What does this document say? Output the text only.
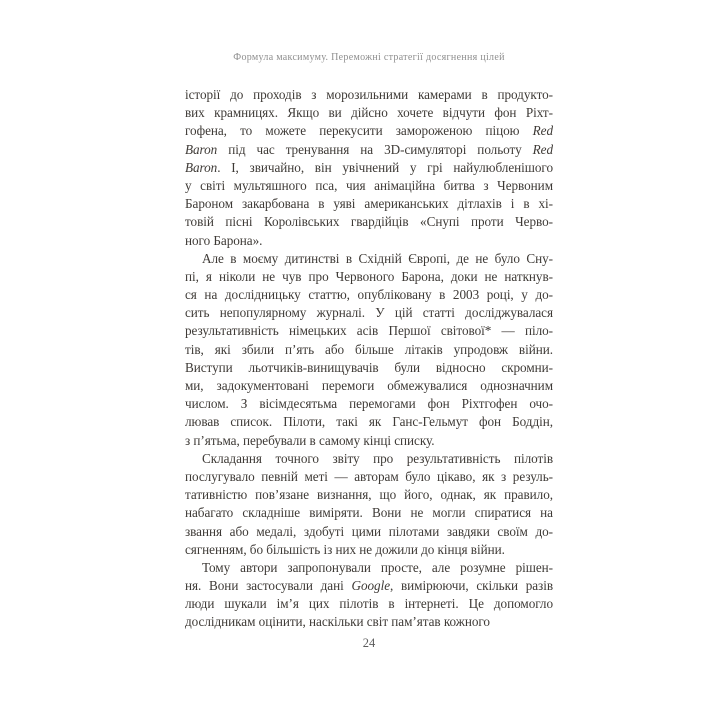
Формула максимуму. Переможні стратегії досягнення цілей
історії до проходів з морозильними камерами в продукто-
вих крамницях. Якщо ви дійсно хочете відчути фон Ріхт-
гофена, то можете перекусити замороженою піцою Red
Baron під час тренування на 3D-симуляторі польоту Red
Baron. І, звичайно, він увічнений у грі найулюбленішого
у світі мультяшного пса, чия анімаційна битва з Червоним
Бароном закарбована в уяві американських дітлахів і в хі-
товій пісні Королівських гвардійців «Снупі проти Черво-
ного Барона».
Але в моєму дитинстві в Східній Європі, де не було Сну-
пі, я ніколи не чув про Червоного Барона, доки не наткнув-
ся на дослідницьку статтю, опубліковану в 2003 році, у до-
сить непопулярному журналі. У цій статті досліджувалася
результативність німецьких асів Першої світової* — піло-
тів, які збили п’ять або більше літаків упродовж війни.
Виступи льотчиків-винищувачів були відносно скромни-
ми, задокументовані перемоги обмежувалися однозначним
числом. З вісімдесятьма перемогами фон Ріхтгофен очо-
лював список. Пілоти, такі як Ганс-Гельмут фон Боддін,
з п’ятьма, перебували в самому кінці списку.
Складання точного звіту про результативність пілотів
послугувало певній меті — авторам було цікаво, як з резуль-
тативністю пов’язане визнання, що його, однак, як правило,
набагато складніше виміряти. Вони не могли спиратися на
звання або медалі, здобуті цими пілотами завдяки своїм до-
сягненням, бо більшість із них не дожили до кінця війни.
Тому автори запропонували просте, але розумне рішен-
ня. Вони застосували дані Google, вимірюючи, скільки разів
люди шукали ім’я цих пілотів в інтернеті. Це допомогло
дослідникам оцінити, наскільки світ пам’ятав кожного
24
